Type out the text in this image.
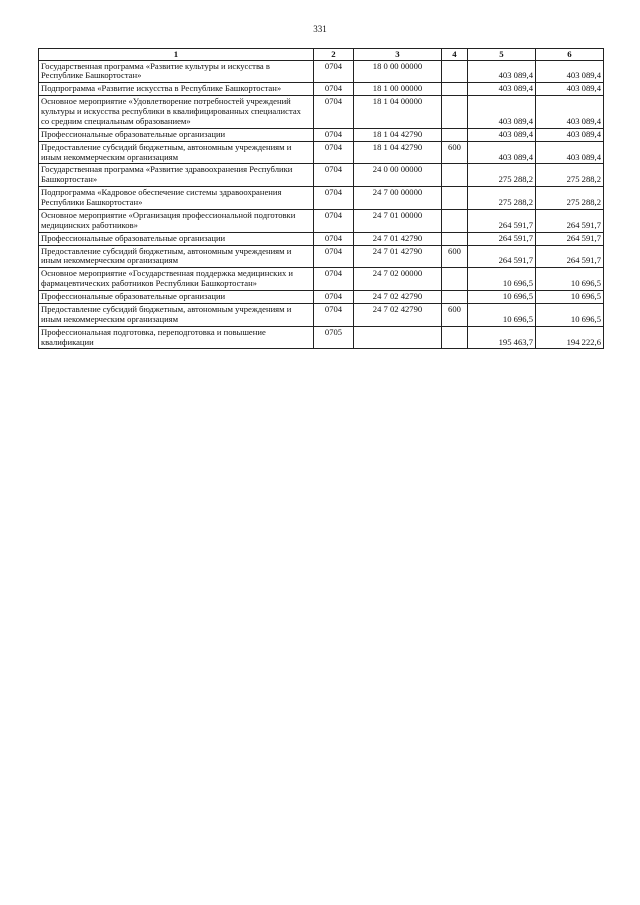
331
1	2	3	4	5	6
Государственная программа «Развитие культуры и искусства в Республике Башкортостан»	0704	18 0 00 00000		403 089,4	403 089,4
Подпрограмма «Развитие искусства в Республике Башкортостан»	0704	18 1 00 00000		403 089,4	403 089,4
Основное мероприятие «Удовлетворение потребностей учреждений культуры и искусства республики в квалифицированных специалистах со средним специальным образованием»	0704	18 1 04 00000		403 089,4	403 089,4
Профессиональные образовательные организации	0704	18 1 04 42790		403 089,4	403 089,4
Предоставление субсидий бюджетным, автономным учреждениям и иным некоммерческим организациям	0704	18 1 04 42790	600	403 089,4	403 089,4
Государственная программа «Развитие здравоохранения Республики Башкортостан»	0704	24 0 00 00000		275 288,2	275 288,2
Подпрограмма «Кадровое обеспечение системы здравоохранения Республики Башкортостан»	0704	24 7 00 00000		275 288,2	275 288,2
Основное мероприятие «Организация профессиональной подготовки медицинских работников»	0704	24 7 01 00000		264 591,7	264 591,7
Профессиональные образовательные организации	0704	24 7 01 42790		264 591,7	264 591,7
Предоставление субсидий бюджетным, автономным учреждениям и иным некоммерческим организациям	0704	24 7 01 42790	600	264 591,7	264 591,7
Основное мероприятие «Государственная поддержка медицинских и фармацевтических работников Республики Башкортостан»	0704	24 7 02 00000		10 696,5	10 696,5
Профессиональные образовательные организации	0704	24 7 02 42790		10 696,5	10 696,5
Предоставление субсидий бюджетным, автономным учреждениям и иным некоммерческим организациям	0704	24 7 02 42790	600	10 696,5	10 696,5
Профессиональная подготовка, переподготовка и повышение квалификации	0705			195 463,7	194 222,6
